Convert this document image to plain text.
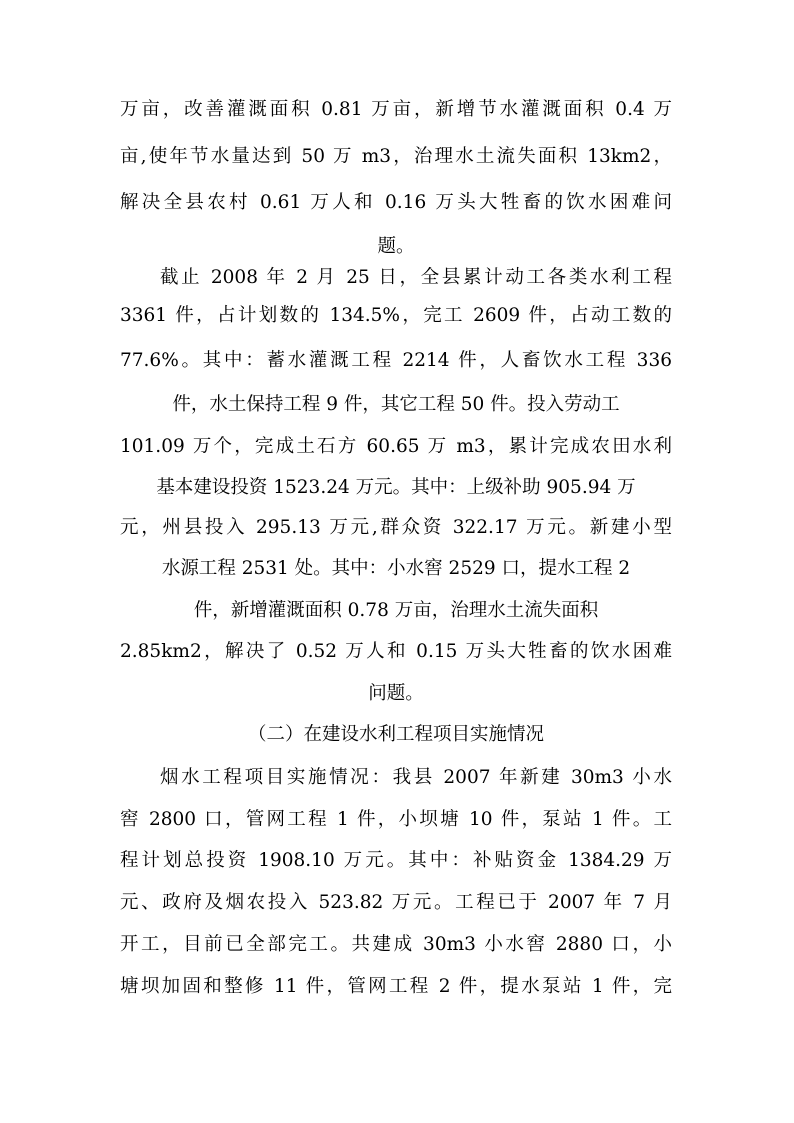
万亩，改善灌溉面积 0.81 万亩，新增节水灌溉面积 0.4 万
亩,使年节水量达到 50 万 m3，治理水土流失面积 13km2，
解决全县农村 0.61 万人和 0.16 万头大牲畜的饮水困难问
题。
截止 2008 年 2 月 25 日，全县累计动工各类水利工程
3361 件，占计划数的 134.5%，完工 2609 件，占动工数的
77.6%。其中：蓄水灌溉工程 2214 件，人畜饮水工程 336
件，水土保持工程 9 件，其它工程 50 件。投入劳动工
101.09 万个，完成土石方 60.65 万 m3，累计完成农田水利
基本建设投资 1523.24 万元。其中：上级补助 905.94 万
元，州县投入 295.13 万元,群众资 322.17 万元。新建小型
水源工程 2531 处。其中：小水窖 2529 口，提水工程 2
件，新增灌溉面积 0.78 万亩，治理水土流失面积
2.85km2，解决了 0.52 万人和 0.15 万头大牲畜的饮水困难
问题。
（二）在建设水利工程项目实施情况
烟水工程项目实施情况：我县 2007 年新建 30m3 小水
窖 2800 口，管网工程 1 件，小坝塘 10 件，泵站 1 件。工
程计划总投资 1908.10 万元。其中：补贴资金 1384.29 万
元、政府及烟农投入 523.82 万元。工程已于 2007 年 7 月
开工，目前已全部完工。共建成 30m3 小水窖 2880 口，小
塘坝加固和整修 11 件，管网工程 2 件，提水泵站 1 件，完
